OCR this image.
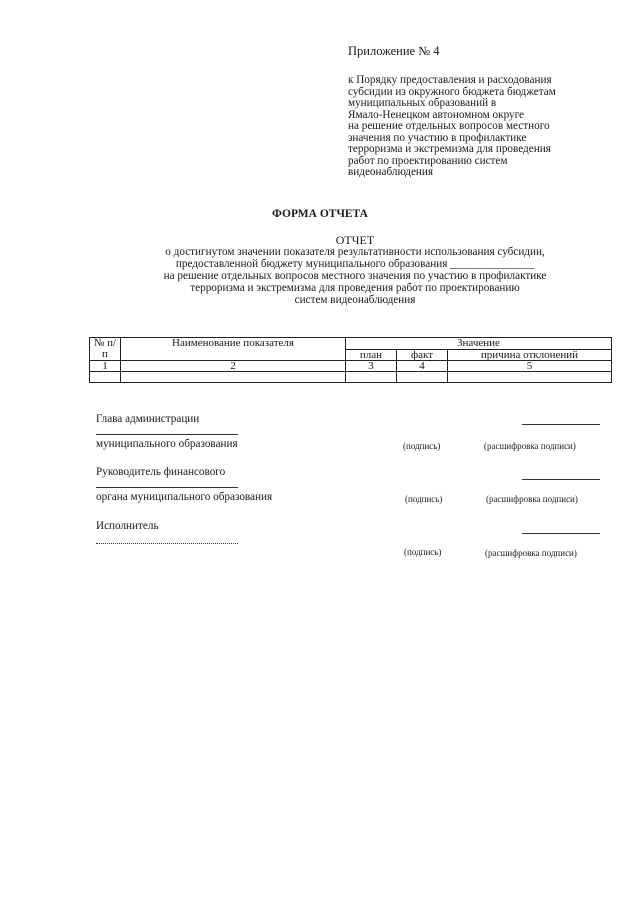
Приложение № 4
к Порядку предоставления и расходования
субсидии из окружного бюджета бюджетам
муниципальных образований в
Ямало-Ненецком автономном округе
на решение отдельных вопросов местного
значения по участию в профилактике
терроризма и экстремизма для проведения
работ по проектированию систем
видеонаблюдения
ФОРМА ОТЧЕТА
ОТЧЕТ
о достигнутом значении показателя результативности использования субсидии,
предоставленной бюджету муниципального образования _______________
на решение отдельных вопросов местного значения по участию в профилактике
терроризма и экстремизма для проведения работ по проектированию
систем видеонаблюдения
№ п/п	Наименование показателя	Значение		
		план	факт	причина отклонений
1	2	3	4	5

Глава администрации
муниципального образования	(подпись)	(расшифровка подписи)
Руководитель финансового
органа муниципального образования	(подпись)	(расшифровка подписи)
Исполнитель
(подпись)	(расшифровка подписи)
